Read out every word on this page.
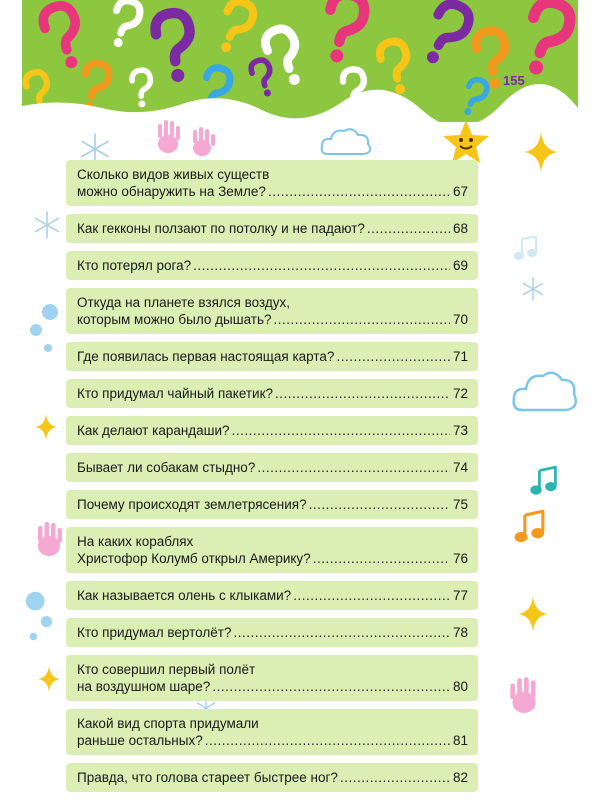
155
Сколько видов живых существ
можно обнаружить на Земле? .....	67
Как гекконы ползают по потолку и не падают? .....	68
Кто потерял рога? .....	69
Откуда на планете взялся воздух,
которым можно было дышать? .....	70
Где появилась первая настоящая карта? .....	71
Кто придумал чайный пакетик? .....	72
Как делают карандаши? .....	73
Бывает ли собакам стыдно? .....	74
Почему происходят землетрясения? .....	75
На каких кораблях
Христофор Колумб открыл Америку? .....	76
Как называется олень с клыками? .....	77
Кто придумал вертолёт? .....	78
Кто совершил первый полёт
на воздушном шаре? .....	80
Какой вид спорта придумали
раньше остальных? .....	81
Правда, что голова стареет быстрее ног? .....	82
